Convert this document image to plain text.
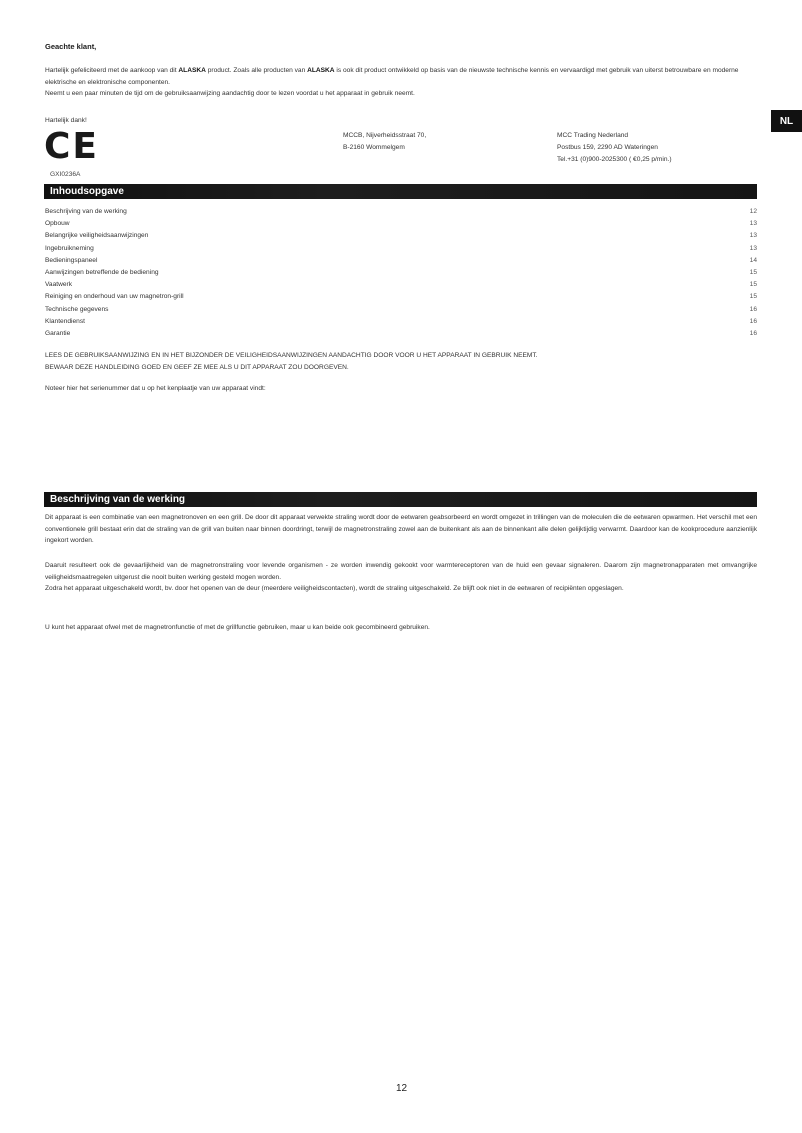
Geachte klant,
Hartelijk gefeliciteerd met de aankoop van dit ALASKA product. Zoals alle producten van ALASKA is ook dit product ontwikkeld op basis van de nieuwste technische kennis en vervaardigd met gebruik van uiterst betrouwbare en moderne elektrische en elektronische componenten.
Neemt u een paar minuten de tijd om de gebruiksaanwijzing aandachtig door te lezen voordat u het apparaat in gebruik neemt.
Hartelijk dank!
CE
GXI0236A
MCCB, Nijverheidsstraat 70,
B-2160 Wommelgem
MCC Trading Nederland
Postbus 159, 2290 AD Wateringen
Tel.+31 (0)900-2025300 ( €0,25 p/min.)
NL
Inhoudsopgave
Beschrijving van de werking	12
Opbouw	13
Belangrijke veiligheidsaanwijzingen	13
Ingebruikneming	13
Bedieningspaneel	14
Aanwijzingen betreffende de bediening	15
Vaatwerk	15
Reiniging en onderhoud van uw magnetron-grill	15
Technische gegevens	16
Klantendienst	16
Garantie	16
LEES DE GEBRUIKSAANWIJZING EN IN HET BIJZONDER DE VEILIGHEIDSAANWIJZINGEN AANDACHTIG DOOR VOOR U HET APPARAAT IN GEBRUIK NEEMT.
BEWAAR DEZE HANDLEIDING GOED EN GEEF ZE MEE ALS U DIT APPARAAT ZOU DOORGEVEN.
Noteer hier het serienummer dat u op het kenplaatje van uw apparaat vindt:
Beschrijving van de werking
Dit apparaat is een combinatie van een magnetronoven en een grill. De door dit apparaat verwekte straling wordt door de eetwaren geabsorbeerd en wordt omgezet in trillingen van de moleculen die de eetwaren opwarmen. Het verschil met een conventionele grill bestaat erin dat de straling van de grill van buiten naar binnen doordringt, terwijl de magnetronstraling zowel aan de buitenkant als aan de binnenkant alle delen gelijktijdig verwarmt. Daardoor kan de kookprocedure aanzienlijk ingekort worden.
Daaruit resulteert ook de gevaarlijkheid van de magnetronstraling voor levende organismen - ze worden inwendig gekookt voor warmtereceptoren van de huid een gevaar signaleren. Daarom zijn magnetronapparaten met omvangrijke veiligheidsmaatregelen uitgerust die nooit buiten werking gesteld mogen worden.
Zodra het apparaat uitgeschakeld wordt, bv. door het openen van de deur (meerdere veiligheidscontacten), wordt de straling uitgeschakeld. Ze blijft ook niet in de eetwaren of recipiënten opgeslagen.
U kunt het apparaat ofwel met de magnetronfunctie of met de grillfunctie gebruiken, maar u kan beide ook gecombineerd gebruiken.
12
